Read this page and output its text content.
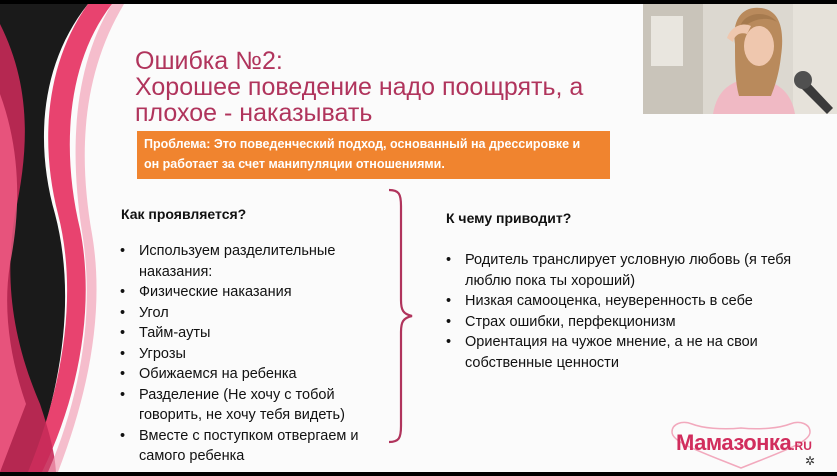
Ошибка №2:
Хорошее поведение надо поощрять, а
плохое - наказывать
Проблема: Это поведенческий подход, основанный на дрессировке и
он работает за счет манипуляции отношениями.
Как проявляется?
• Используем разделительные наказания:
• Физические наказания
• Угол
• Тайм-ауты
• Угрозы
• Обижаемся на ребенка
• Разделение (Не хочу с тобой говорить, не хочу тебя видеть)
• Вместе с поступком отвергаем и самого ребенка
К чему приводит?
• Родитель транслирует условную любовь (я тебя люблю пока ты хороший)
• Низкая самооценка, неуверенность в себе
• Страх ошибки, перфекционизм
• Ориентация на чужое мнение, а не на свои собственные ценности
Мамазонка.RU
✲
